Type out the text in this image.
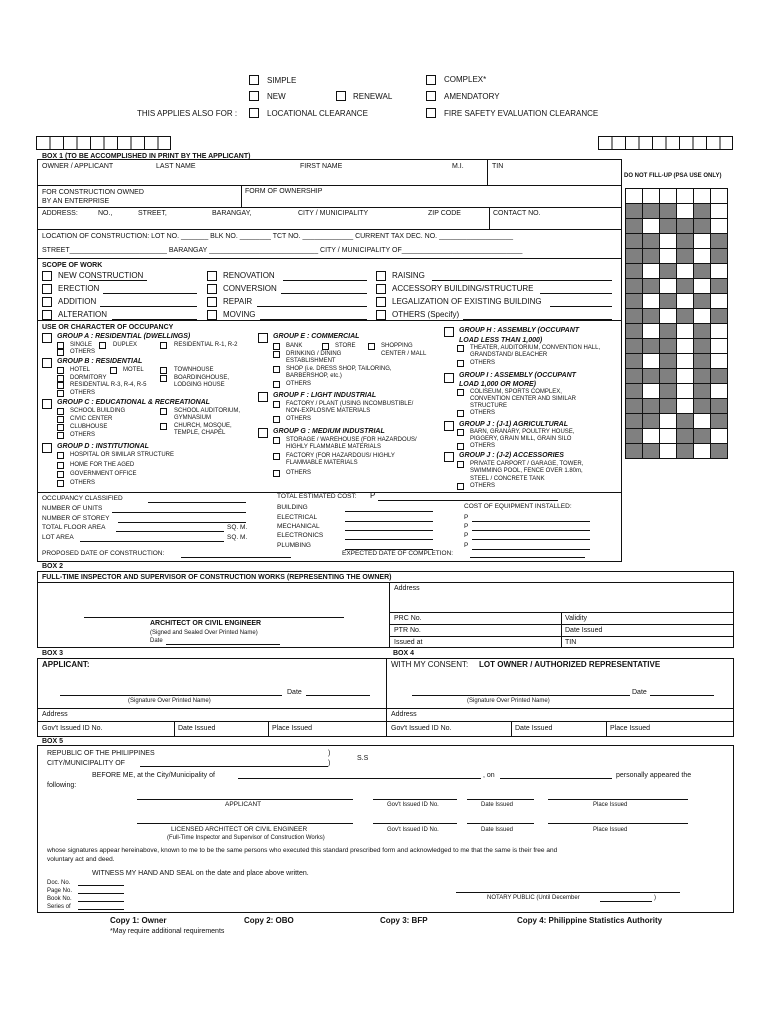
SIMPLE	COMPLEX*
NEW	RENEWAL	AMENDATORY
THIS APPLIES ALSO FOR :	LOCATIONAL CLEARANCE	FIRE SAFETY EVALUATION CLEARANCE
BOX 1 (TO BE ACCOMPLISHED IN PRINT BY THE APPLICANT)
DO NOT FILL-UP (PSA USE ONLY)
OWNER / APPLICANT	LAST NAME	FIRST NAME	M.I.	TIN
FOR CONSTRUCTION OWNED
BY AN ENTERPRISE
FORM OF OWNERSHIP
ADDRESS:	NO.,	STREET,	BARANGAY,	CITY / MUNICIPALITY	ZIP CODE	CONTACT NO.
LOCATION OF CONSTRUCTION: LOT NO. _______ BLK NO. ________ TCT NO. _____________ CURRENT TAX DEC. NO. ___________________
STREET_________________________ BARANGAY ____________________________ CITY / MUNICIPALITY OF_______________________________
SCOPE OF WORK
USE OR CHARACTER OF OCCUPANCY
OCCUPANCY CLASSIFIED
NUMBER OF UNITS
NUMBER OF STOREY
TOTAL FLOOR AREA	SQ. M.
LOT AREA	SQ. M.
TOTAL ESTIMATED COST: P
BUILDING
ELECTRICAL
MECHANICAL
ELECTRONICS
PLUMBING
COST OF EQUIPMENT INSTALLED:
P
P
P
P
PROPOSED DATE OF CONSTRUCTION:	EXPECTED DATE OF COMPLETION:

BOX 2
FULL-TIME INSPECTOR AND SUPERVISOR OF CONSTRUCTION WORKS (REPRESENTING THE OWNER)
Address
ARCHITECT OR CIVIL ENGINEER
(Signed and Sealed Over Printed Name)
Date
PRC No.	Validity
PTR No.	Date Issued
Issued at	TIN
BOX 3	BOX 4
APPLICANT:
Date
(Signature Over Printed Name)
WITH MY CONSENT: LOT OWNER / AUTHORIZED REPRESENTATIVE
Date
(Signature Over Printed Name)
Address	Address
Gov't Issued ID No.	Date Issued	Place Issued	Gov't Issued ID No.	Date Issued	Place Issued
BOX 5
REPUBLIC OF THE PHILIPPINES	)
S.S
CITY/MUNICIPALITY OF	)
BEFORE ME, at the City/Municipality of	, on	personally appeared the
following:
APPLICANT	Gov't Issued ID No.	Date Issued	Place Issued
LICENSED ARCHITECT OR CIVIL ENGINEER
(Full-Time Inspector and Supervisor of Construction Works)
Gov't Issued ID No.	Date Issued	Place Issued
whose signatures appear hereinabove, known to me to be the same persons who executed this standard prescribed form and acknowledged to me that the same is their free and
voluntary act and deed.
WITNESS MY HAND AND SEAL on the date and place above written.
Doc. No.
Page No.
Book No.
Series of
NOTARY PUBLIC (Until December	)
Copy 1: Owner	Copy 2: OBO	Copy 3: BFP	Copy 4: Philippine Statistics Authority
*May require additional requirements
NEW CONSTRUCTION	RENOVATION	RAISING
ERECTION	CONVERSION	ACCESSORY BUILDING/STRUCTURE
ADDITION	REPAIR	LEGALIZATION OF EXISTING BUILDING
ALTERATION	MOVING	OTHERS (Specify)
GROUP A : RESIDENTIAL (DWELLINGS)
SINGLE	DUPLEX	RESIDENTIAL R-1, R-2
OTHERS
GROUP B : RESIDENTIAL
HOTEL	MOTEL	TOWNHOUSE
DORMITORY	BOARDINGHOUSE,
LODGING HOUSE
RESIDENTIAL R-3, R-4, R-5
OTHERS
GROUP C : EDUCATIONAL & RECREATIONAL
SCHOOL BUILDING	SCHOOL AUDITORIUM,
GYMNASIUM
CIVIC CENTER
CHURCH, MOSQUE,
TEMPLE, CHAPEL
CLUBHOUSE
OTHERS
GROUP D : INSTITUTIONAL
HOSPITAL OR SIMILAR STRUCTURE
HOME FOR THE AGED
GOVERNMENT OFFICE
OTHERS
GROUP E : COMMERCIAL
BANK	STORE	SHOPPING
CENTER / MALL
DRINKING / DINING
ESTABLISHMENT
SHOP (i.e. DRESS SHOP, TAILORING,
BARBERSHOP, etc.)
OTHERS
GROUP F : LIGHT INDUSTRIAL
FACTORY / PLANT (USING INCOMBUSTIBLE/
NON-EXPLOSIVE MATERIALS
OTHERS
GROUP G : MEDIUM INDUSTRIAL
STORAGE / WAREHOUSE (FOR HAZARDOUS/
HIGHLY FLAMMABLE MATERIALS
FACTORY (FOR HAZARDOUS/ HIGHLY
FLAMMABLE MATERIALS
OTHERS
GROUP H : ASSEMBLY (OCCUPANT
LOAD LESS THAN 1,000)
THEATER, AUDITORIUM, CONVENTION HALL,
GRANDSTAND/ BLEACHER
OTHERS
GROUP I : ASSEMBLY (OCCUPANT
LOAD 1,000 OR MORE)
COLISEUM, SPORTS COMPLEX,
CONVENTION CENTER AND SIMILAR
STRUCTURE
OTHERS
GROUP J : (J-1) AGRICULTURAL
BARN, GRANARY, POULTRY HOUSE,
PIGGERY, GRAIN MILL, GRAIN SILO
OTHERS
GROUP J : (J-2) ACCESSORIES
PRIVATE CARPORT / GARAGE, TOWER,
SWIMMING POOL, FENCE OVER 1.80m,
STEEL / CONCRETE TANK
OTHERS
